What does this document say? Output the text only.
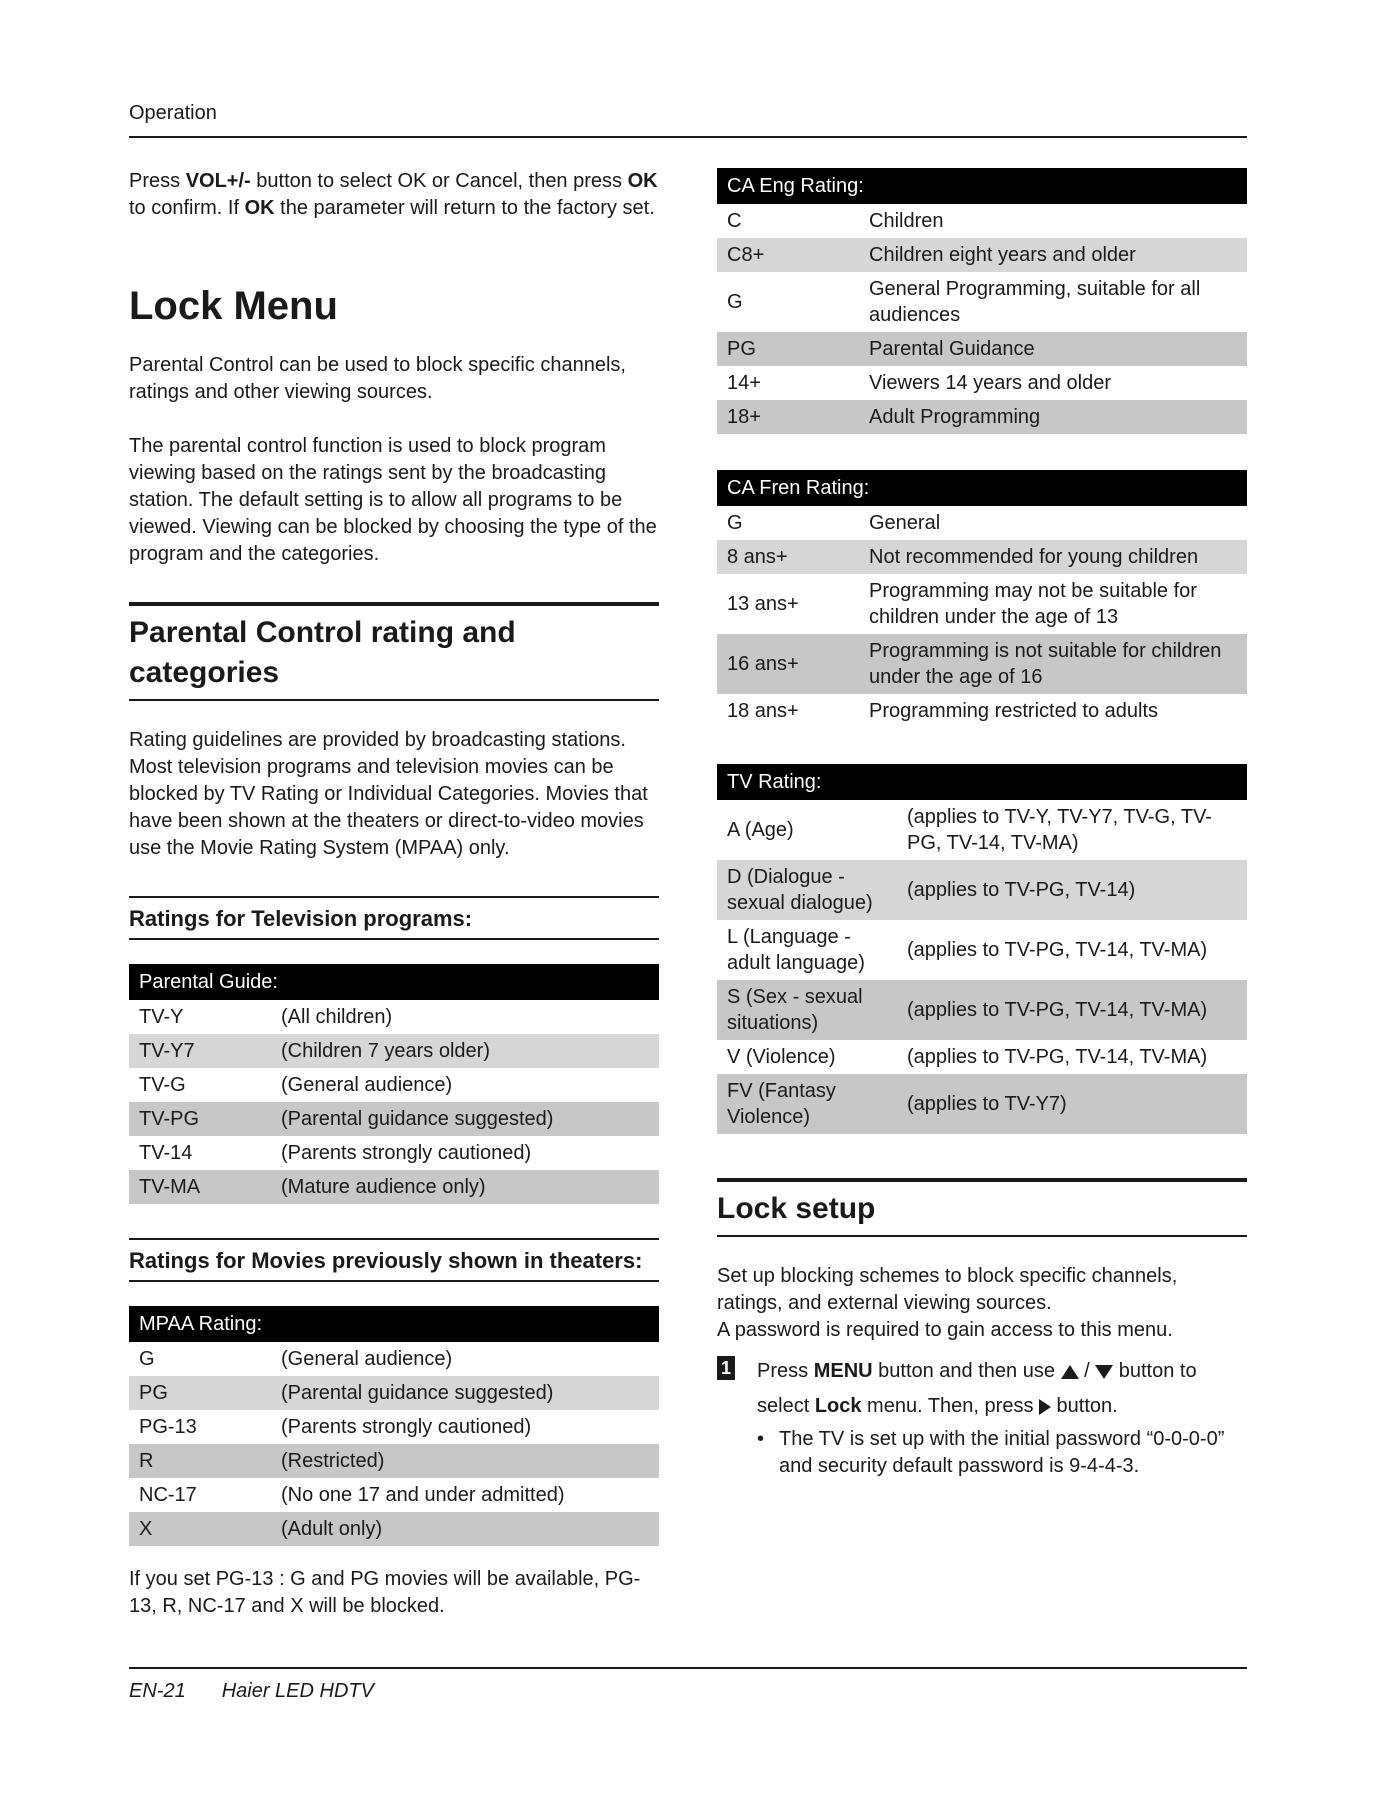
Operation

Press VOL+/- button to select OK or Cancel, then press OK to confirm. If OK the parameter will return to the factory set.

Lock Menu

Parental Control can be used to block specific channels, ratings and other viewing sources.

The parental control function is used to block program viewing based on the ratings sent by the broadcasting station. The default setting is to allow all programs to be viewed. Viewing can be blocked by choosing the type of the program and the categories.

Parental Control rating and categories

Rating guidelines are provided by broadcasting stations. Most television programs and television movies can be blocked by TV Rating or Individual Categories. Movies that have been shown at the theaters or direct-to-video movies use the Movie Rating System (MPAA) only.

Ratings for Television programs:
Parental Guide:	
TV-Y	(All children)
TV-Y7	(Children 7 years older)
TV-G	(General audience)
TV-PG	(Parental guidance suggested)
TV-14	(Parents strongly cautioned)
TV-MA	(Mature audience only)
Ratings for Movies previously shown in theaters:
MPAA Rating:	
G	(General audience)
PG	(Parental guidance suggested)
PG-13	(Parents strongly cautioned)
R	(Restricted)
NC-17	(No one 17 and under admitted)
X	(Adult only)

If you set PG-13 : G and PG movies will be available, PG-13, R, NC-17 and X will be blocked.

CA Eng Rating:	
C	Children
C8+	Children eight years and older
G	General Programming, suitable for all audiences
PG	Parental Guidance
14+	Viewers 14 years and older
18+	Adult Programming
CA Fren Rating:	
G	General
8 ans+	Not recommended for young children
13 ans+	Programming may not be suitable for children under the age of 13
16 ans+	Programming is not suitable for children under the age of 16
18 ans+	Programming restricted to adults
TV Rating:	
A (Age)	(applies to TV-Y, TV-Y7, TV-G, TV-PG, TV-14, TV-MA)
D (Dialogue - sexual dialogue)	(applies to TV-PG, TV-14)
L (Language - adult language)	(applies to TV-PG, TV-14, TV-MA)
S (Sex - sexual situations)	(applies to TV-PG, TV-14, TV-MA)
V (Violence)	(applies to TV-PG, TV-14, TV-MA)
FV (Fantasy Violence)	(applies to TV-Y7)
Lock setup

Set up blocking schemes to block specific channels, ratings, and external viewing sources.

A password is required to gain access to this menu.

1 Press MENU button and then use  /  button to
select Lock menu. Then, press  button.
• The TV is set up with the initial password “0-0-0-0” and security default password is 9-4-4-3.
EN-21 Haier LED HDTV
